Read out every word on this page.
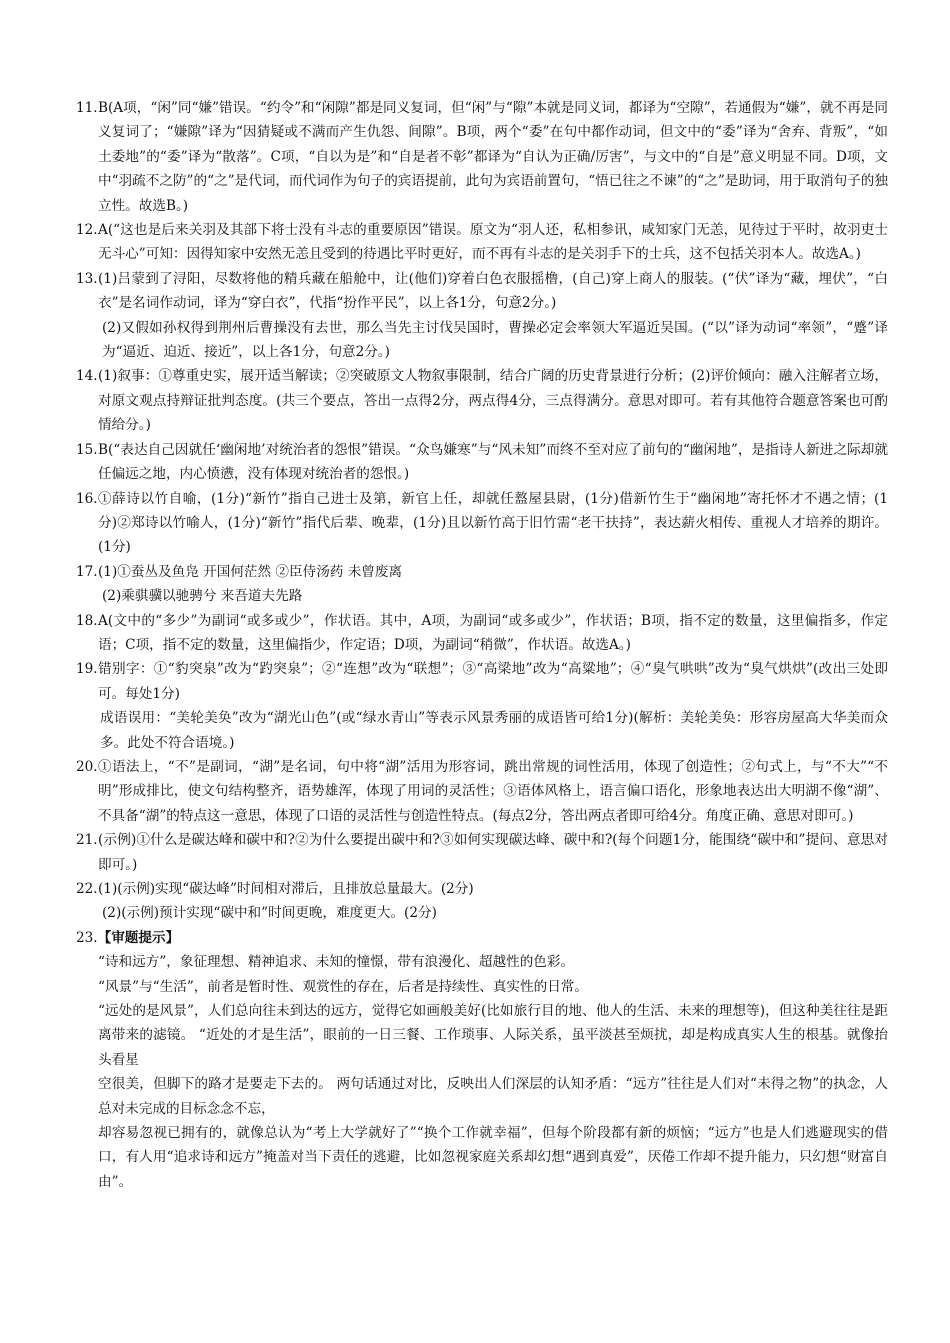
11. B(A项，“闲”同“嫌”错误。“约令”和“闲隙”都是同义复词，但“闲”与“隙”本就是同义词，都译为“空隙”，若通假为“嫌”，就不再是同义复词了；“嫌隙”译为“因猜疑或不满而产生仇怨、间隙”。B项，两个“委”在句中都作动词，但文中的“委”译为“舍弃、背叛”，“如土委地”的“委”译为“散落”。C项，“自以为是”和“自是者不彰”都译为“自认为正确/厉害”，与文中的“自是”意义明显不同。D项，文中“羽疏不之防”的“之”是代词，而代词作为句子的宾语提前，此句为宾语前置句，“悟已往之不谏”的“之”是助词，用于取消句子的独立性。故选B。)

12. A(“这也是后来关羽及其部下将士没有斗志的重要原因”错误。原文为“羽人还，私相参讯，咸知家门无恙，见待过于平时，故羽吏士无斗心”可知：因得知家中安然无恙且受到的待遇比平时更好，而不再有斗志的是关羽手下的士兵，这不包括关羽本人。故选A。)

13. (1)吕蒙到了浔阳，尽数将他的精兵藏在船舱中，让(他们)穿着白色衣服摇橹，(自己)穿上商人的服装。(“伏”译为“藏，埋伏”，“白衣”是名词作动词，译为“穿白衣”，代指“扮作平民”，以上各1分，句意2分。)

(2)又假如孙权得到荆州后曹操没有去世，那么当先主讨伐吴国时，曹操必定会率领大军逼近吴国。(“以”译为动词“率领”，“蹙”译为“逼近、迫近、接近”，以上各1分，句意2分。)

14. (1)叙事：①尊重史实，展开适当解读；②突破原文人物叙事限制，结合广阔的历史背景进行分析；(2)评价倾向：融入注解者立场，对原文观点持辩证批判态度。(共三个要点，答出一点得2分，两点得4分，三点得满分。意思对即可。若有其他符合题意答案也可酌情给分。)

15. B(“表达自己因就任‘幽闲地’对统治者的怨恨”错误。“众鸟嫌寒”与“风未知”而终不至对应了前句的“幽闲地”，是指诗人新进之际却就任偏远之地，内心愤懑，没有体现对统治者的怨恨。)

16. ①薛诗以竹自喻，(1分)“新竹”指自己进士及第，新官上任，却就任盩屋县尉，(1分)借新竹生于“幽闲地”寄托怀才不遇之情；(1分)②郑诗以竹喻人，(1分)“新竹”指代后辈、晚辈，(1分)且以新竹高于旧竹需“老干扶持”，表达薪火相传、重视人才培养的期许。(1分)

17. (1)①蚕丛及鱼凫 开国何茫然 ②臣侍汤药 未曾废离

(2)乘骐骥以驰骋兮 来吾道夫先路

18. A(文中的“多少”为副词“或多或少”，作状语。其中，A项，为副词“或多或少”，作状语；B项，指不定的数量，这里偏指多，作定语；C项，指不定的数量，这里偏指少，作定语；D项，为副词“稍微”，作状语。故选A。)

19. 错别字：①“豹突泉”改为“趵突泉”；②“连想”改为“联想”；③“高梁地”改为“高粱地”；④“臭气哄哄”改为“臭气烘烘”(改出三处即可。每处1分)

成语误用：“美轮美奂”改为“湖光山色”(或“绿水青山”等表示风景秀丽的成语皆可给1分)(解析：美轮美奂：形容房屋高大华美而众多。此处不符合语境。)

20. ①语法上，“不”是副词，“湖”是名词，句中将“湖”活用为形容词，跳出常规的词性活用，体现了创造性；②句式上，与“不大”“不明”形成排比，使文句结构整齐，语势雄浑，体现了用词的灵活性；③语体风格上，语言偏口语化，形象地表达出大明湖不像“湖”、不具备“湖”的特点这一意思，体现了口语的灵活性与创造性特点。(每点2分，答出两点者即可给4分。角度正确、意思对即可。)

21. (示例)①什么是碳达峰和碳中和?②为什么要提出碳中和?③如何实现碳达峰、碳中和?(每个问题1分，能围绕“碳中和”提问、意思对即可。)

22. (1)(示例)实现“碳达峰”时间相对滞后，且排放总量最大。(2分)

(2)(示例)预计实现“碳中和”时间更晚，难度更大。(2分)

23.【审题提示】

“诗和远方”，象征理想、精神追求、未知的憧憬，带有浪漫化、超越性的色彩。

“风景”与“生活”，前者是暂时性、观赏性的存在，后者是持续性、真实性的日常。

“远处的是风景”，人们总向往未到达的远方，觉得它如画般美好(比如旅行目的地、他人的生活、未来的理想等)，但这种美往往是距离带来的滤镜。 “近处的才是生活”，眼前的一日三餐、工作琐事、人际关系，虽平淡甚至烦扰，却是构成真实人生的根基。就像抬头看星

空很美，但脚下的路才是要走下去的。 两句话通过对比，反映出人们深层的认知矛盾：“远方”往往是人们对“未得之物”的执念，人总对未完成的目标念念不忘，

却容易忽视已拥有的，就像总认为“考上大学就好了”“换个工作就幸福”，但每个阶段都有新的烦恼；“远方”也是人们逃避现实的借口，有人用“追求诗和远方”掩盖对当下责任的逃避，比如忽视家庭关系却幻想“遇到真爱”，厌倦工作却不提升能力，只幻想“财富自由”。
